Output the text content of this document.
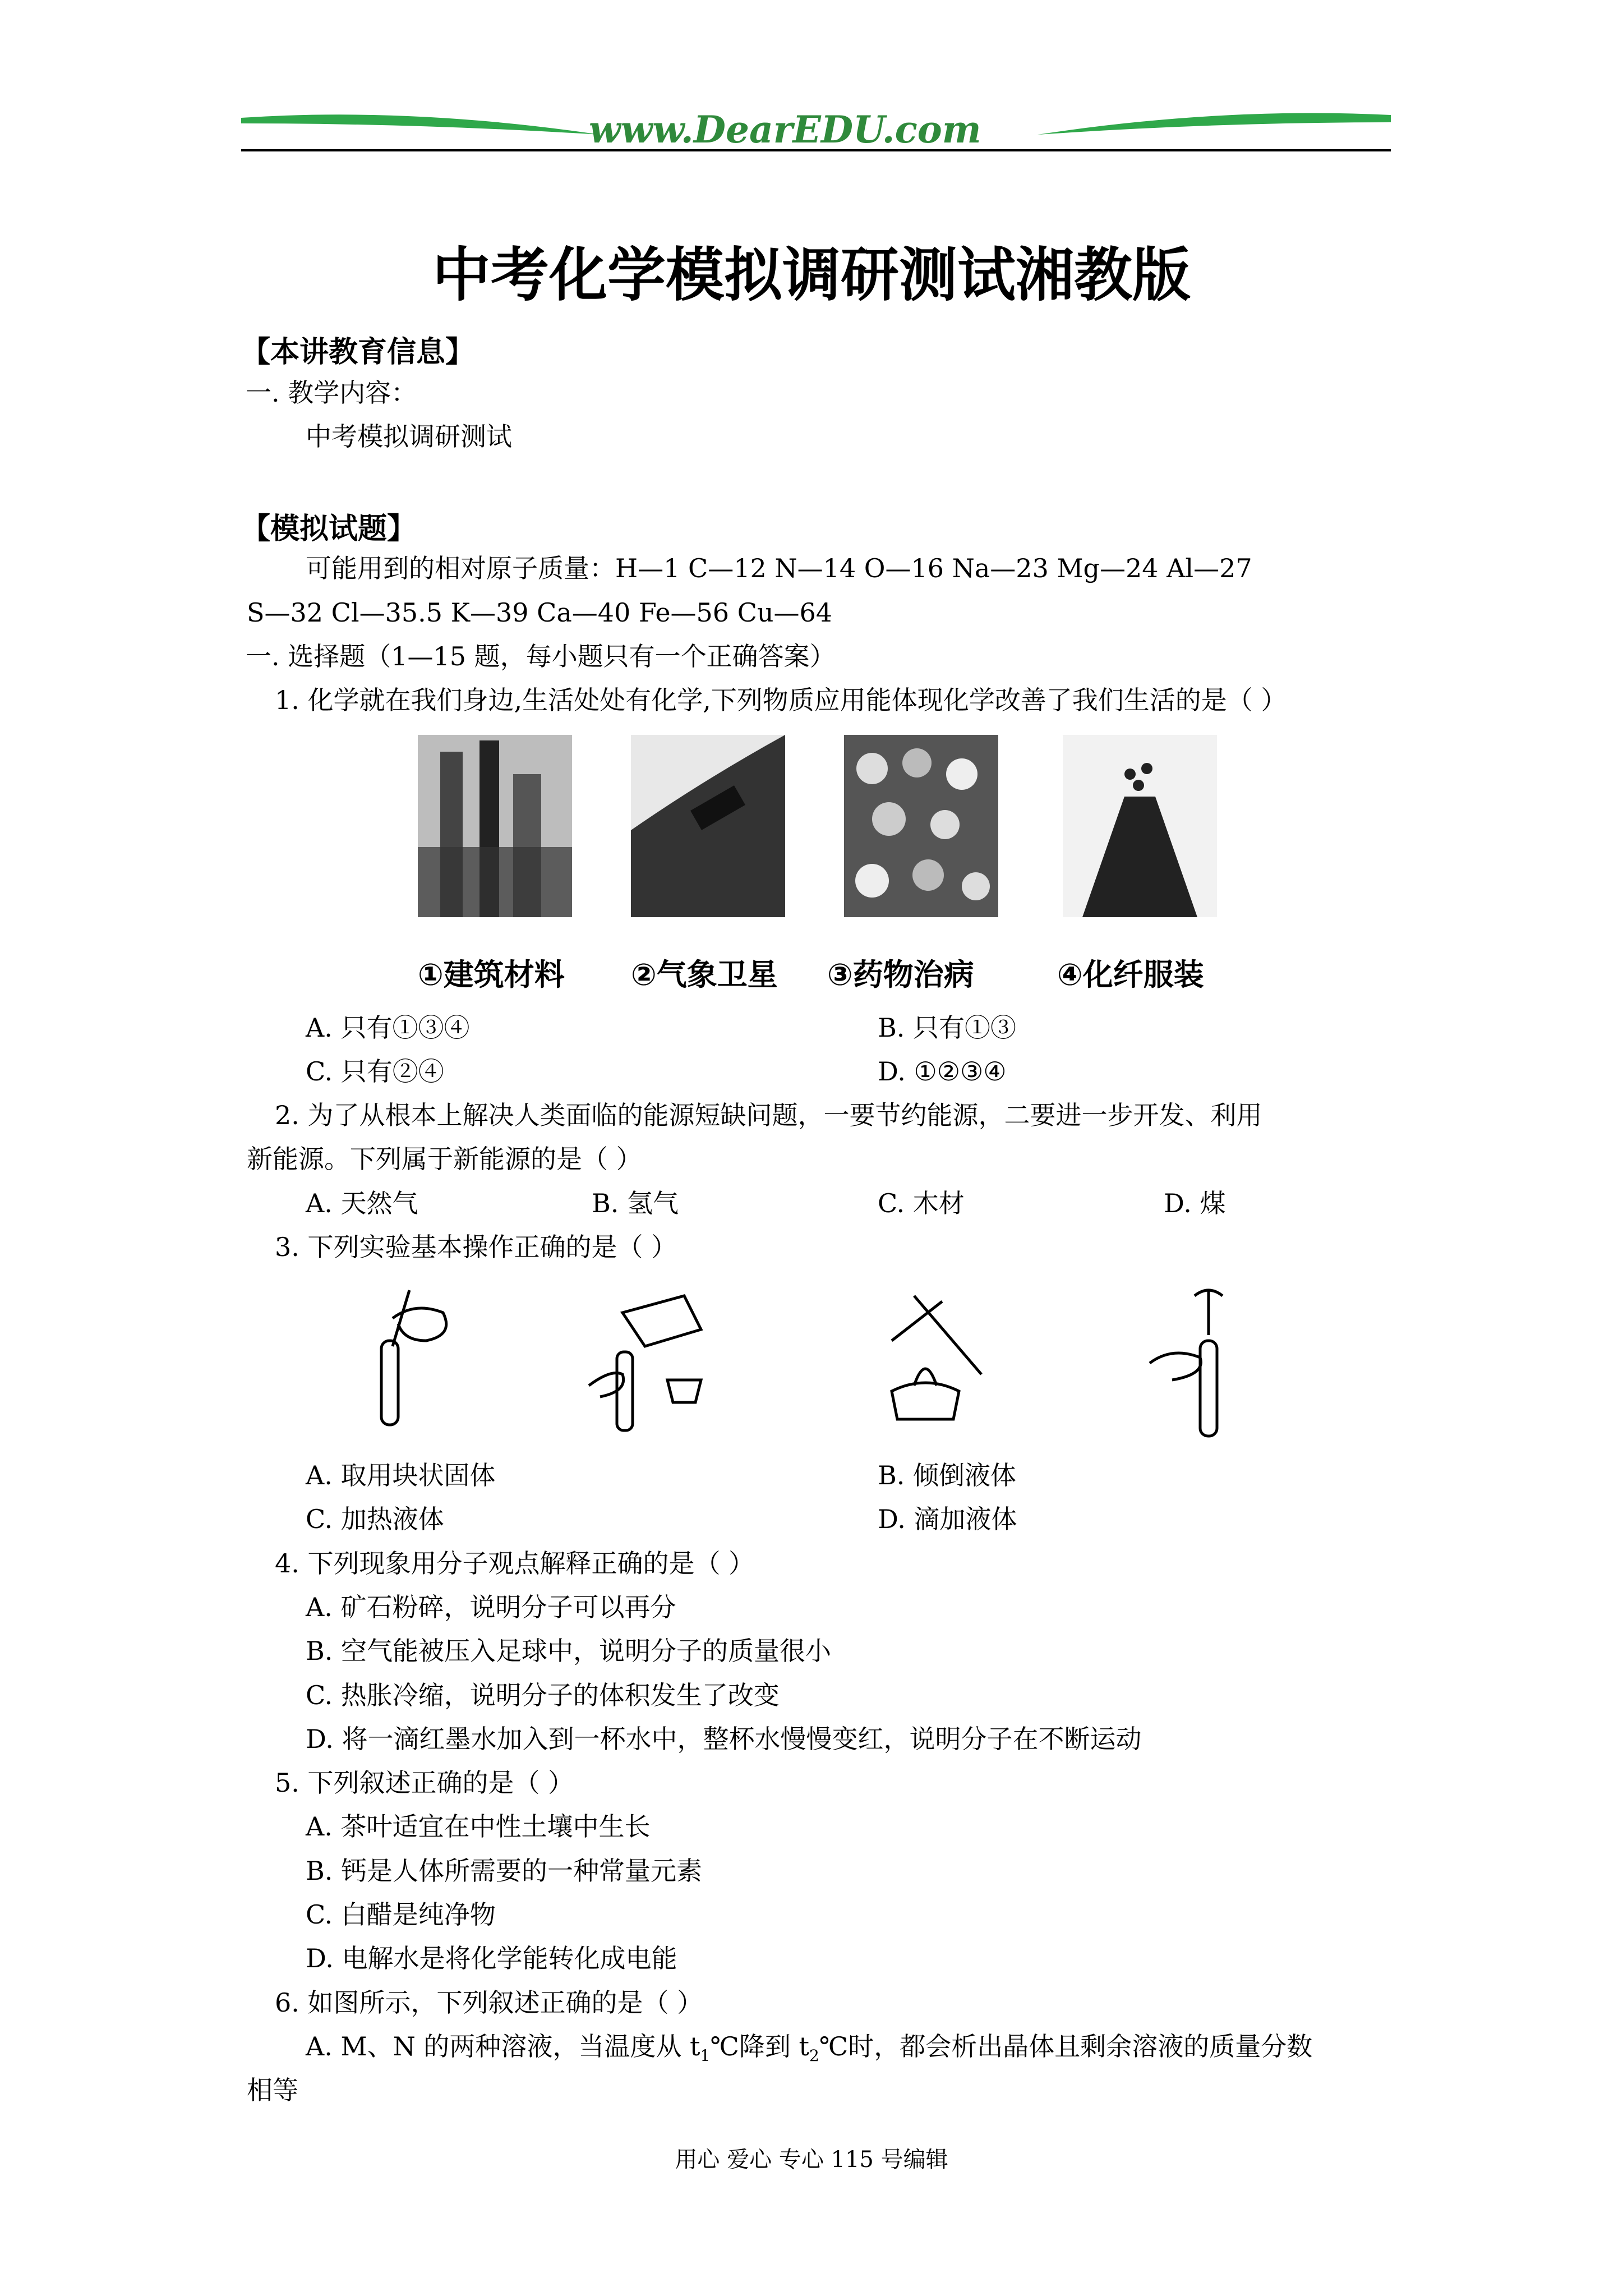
www.DearEDU.com
中考化学模拟调研测试湘教版
【本讲教育信息】
一. 教学内容：
中考模拟调研测试
【模拟试题】
可能用到的相对原子质量：H—1 C—12 N—14 O—16 Na—23 Mg—24 Al—27
S—32 Cl—35.5 K—39 Ca—40 Fe—56 Cu—64
一. 选择题（1—15 题，每小题只有一个正确答案）
1. 化学就在我们身边,生活处处有化学,下列物质应用能体现化学改善了我们生活的是（ ）
①建筑材料 ②气象卫星 ③药物治病	④化纤服装
A. 只有①③④	B. 只有①③
C. 只有②④	D. ①②③④
2. 为了从根本上解决人类面临的能源短缺问题，一要节约能源，二要进一步开发、利用
新能源。下列属于新能源的是（ ）
A. 天然气	B. 氢气	C. 木材	D. 煤
3. 下列实验基本操作正确的是（ ）
A. 取用块状固体	B. 倾倒液体
C. 加热液体	D. 滴加液体
4. 下列现象用分子观点解释正确的是（ ）
A. 矿石粉碎，说明分子可以再分
B. 空气能被压入足球中，说明分子的质量很小
C. 热胀冷缩，说明分子的体积发生了改变
D. 将一滴红墨水加入到一杯水中，整杯水慢慢变红，说明分子在不断运动
5. 下列叙述正确的是（ ）
A. 茶叶适宜在中性土壤中生长
B. 钙是人体所需要的一种常量元素
C. 白醋是纯净物
D. 电解水是将化学能转化成电能
6. 如图所示，下列叙述正确的是（ ）
A. M、N 的两种溶液，当温度从 $t_1℃$降到 $t_2℃$时，都会析出晶体且剩余溶液的质量分数
相等
用心 爱心 专心 115 号编辑
